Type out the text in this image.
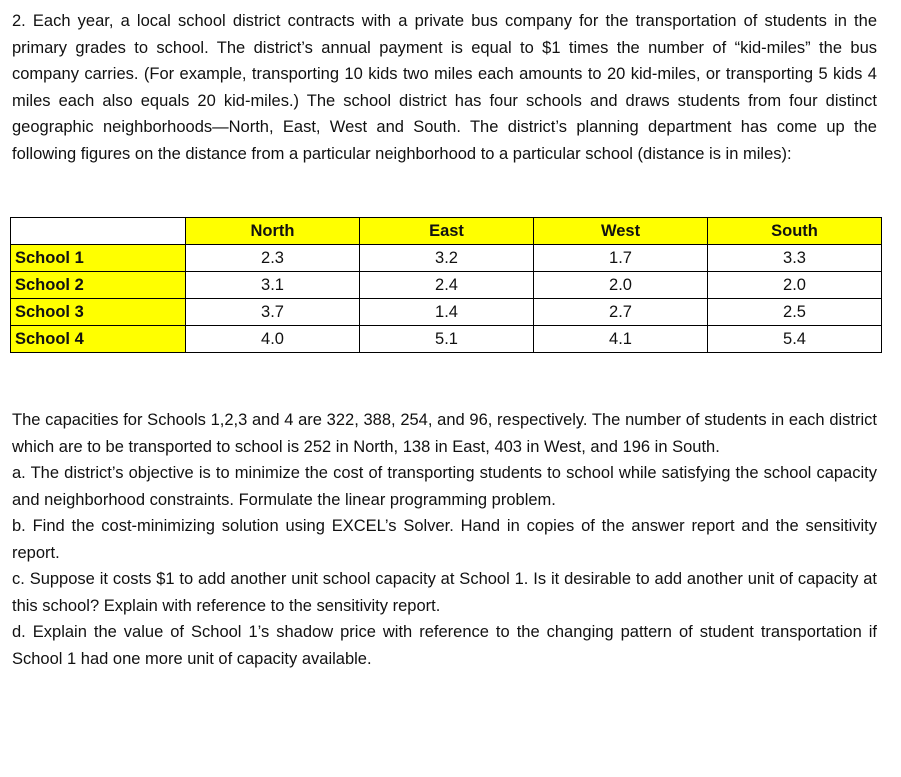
2. Each year, a local school district contracts with a private bus company for the transportation of students in the primary grades to school. The district’s annual payment is equal to $1 times the number of “kid-miles” the bus company carries. (For example, transporting 10 kids two miles each amounts to 20 kid-miles, or transporting 5 kids 4 miles each also equals 20 kid-miles.) The school district has four schools and draws students from four distinct geographic neighborhoods—North, East, West and South. The district’s planning department has come up the following figures on the distance from a particular neighborhood to a particular school (distance is in miles):

	North	East	West	South
School 1	2.3	3.2	1.7	3.3
School 2	3.1	2.4	2.0	2.0
School 3	3.7	1.4	2.7	2.5
School 4	4.0	5.1	4.1	5.4

The capacities for Schools 1,2,3 and 4 are 322, 388, 254, and 96, respectively. The number of students in each district which are to be transported to school is 252 in North, 138 in East, 403 in West, and 196 in South.

a. The district’s objective is to minimize the cost of transporting students to school while satisfying the school capacity and neighborhood constraints. Formulate the linear programming problem.

b. Find the cost-minimizing solution using EXCEL’s Solver. Hand in copies of the answer report and the sensitivity report.

c. Suppose it costs $1 to add another unit school capacity at School 1. Is it desirable to add another unit of capacity at this school? Explain with reference to the sensitivity report.

d. Explain the value of School 1’s shadow price with reference to the changing pattern of student transportation if School 1 had one more unit of capacity available.
